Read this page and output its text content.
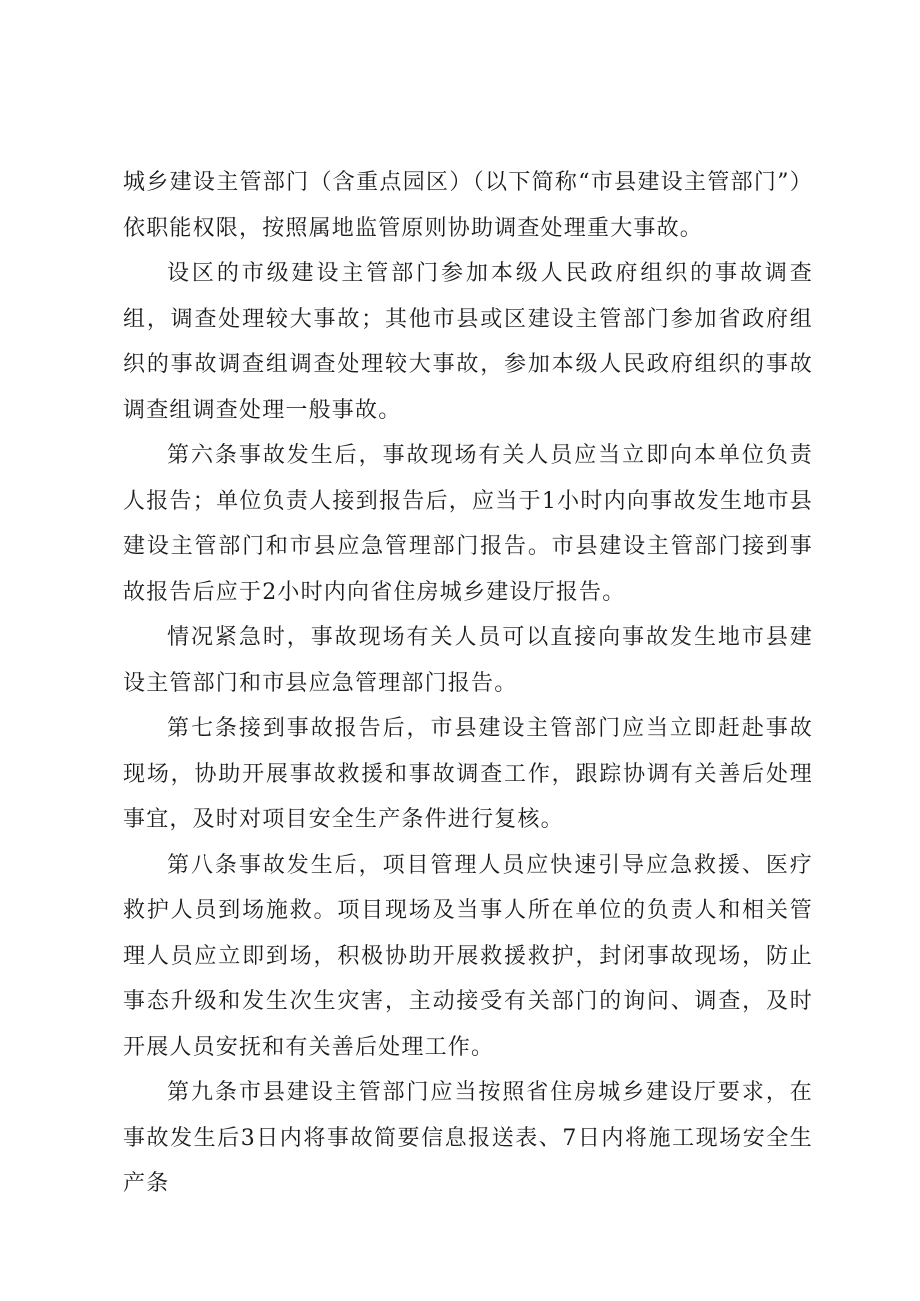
城乡建设主管部门（含重点园区）（以下简称“市县建设主管部门”）依职能权限，按照属地监管原则协助调查处理重大事故。

设区的市级建设主管部门参加本级人民政府组织的事故调查组，调查处理较大事故；其他市县或区建设主管部门参加省政府组织的事故调查组调查处理较大事故，参加本级人民政府组织的事故调查组调查处理一般事故。

第六条事故发生后，事故现场有关人员应当立即向本单位负责人报告；单位负责人接到报告后，应当于1小时内向事故发生地市县建设主管部门和市县应急管理部门报告。市县建设主管部门接到事故报告后应于2小时内向省住房城乡建设厅报告。

情况紧急时，事故现场有关人员可以直接向事故发生地市县建设主管部门和市县应急管理部门报告。

第七条接到事故报告后，市县建设主管部门应当立即赶赴事故现场，协助开展事故救援和事故调查工作，跟踪协调有关善后处理事宜，及时对项目安全生产条件进行复核。

第八条事故发生后，项目管理人员应快速引导应急救援、医疗救护人员到场施救。项目现场及当事人所在单位的负责人和相关管理人员应立即到场，积极协助开展救援救护，封闭事故现场，防止事态升级和发生次生灾害，主动接受有关部门的询问、调查，及时开展人员安抚和有关善后处理工作。

第九条市县建设主管部门应当按照省住房城乡建设厅要求，在事故发生后3日内将事故简要信息报送表、7日内将施工现场安全生产条
